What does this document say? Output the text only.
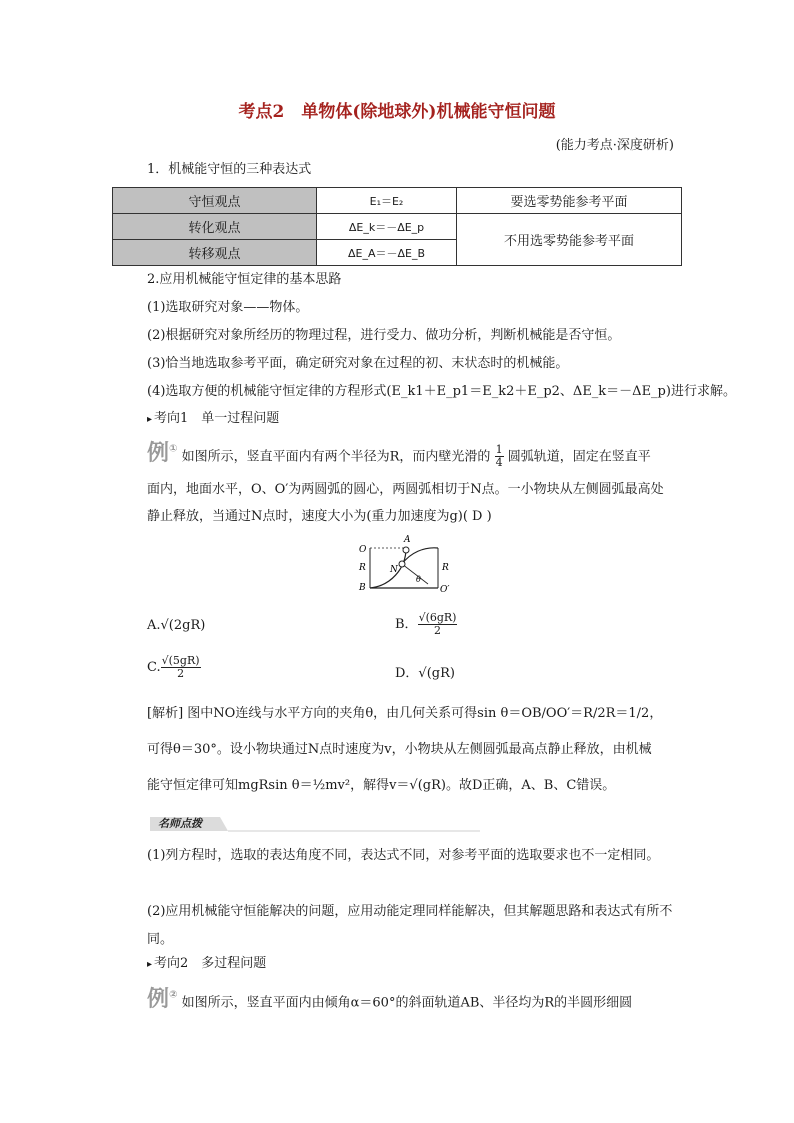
考点2　单物体(除地球外)机械能守恒问题
(能力考点·深度研析)
1．机械能守恒的三种表达式
守恒观点	E₁＝E₂	要选零势能参考平面
转化观点	ΔE_k＝－ΔE_p	不用选零势能参考平面
转移观点	ΔE_A＝－ΔE_B	
2.应用机械能守恒定律的基本思路
(1)选取研究对象——物体。
(2)根据研究对象所经历的物理过程，进行受力、做功分析，判断机械能是否守恒。
(3)恰当地选取参考平面，确定研究对象在过程的初、末状态时的机械能。
(4)选取方便的机械能守恒定律的方程形式(E_k1＋E_p1＝E_k2＋E_p2、ΔE_k＝－ΔE_p)进行求解。
▸ 考向1　单一过程问题
例① 如图所示，竖直平面内有两个半径为R，而内壁光滑的 $\frac{1}{4}$ 圆弧轨道，固定在竖直平
面内，地面水平，O、O′为两圆弧的圆心，两圆弧相切于N点。一小物块从左侧圆弧最高处
静止释放，当通过N点时，速度大小为(重力加速度为g)( D )
O
A
R	N
B
θ
R
O′
A.√(2gR)	B． $\frac{√(6gR)}{2}$
C. $\frac{√(5gR)}{2}$	D．√(gR)
[解析] 图中NO连线与水平方向的夹角θ，由几何关系可得sin θ＝OB/OO′＝R/2R＝1/2，
可得θ＝30°。设小物块通过N点时速度为v，小物块从左侧圆弧最高点静止释放，由机械
能守恒定律可知mgRsin θ＝½mv²，解得v＝√(gR)。故D正确，A、B、C错误。
名师点拨
(1)列方程时，选取的表达角度不同，表达式不同，对参考平面的选取要求也不一定相同。
(2)应用机械能守恒能解决的问题，应用动能定理同样能解决，但其解题思路和表达式有所不同。
▸ 考向2　多过程问题
例② 如图所示，竖直平面内由倾角α＝60°的斜面轨道AB、半径均为R的半圆形细圆
